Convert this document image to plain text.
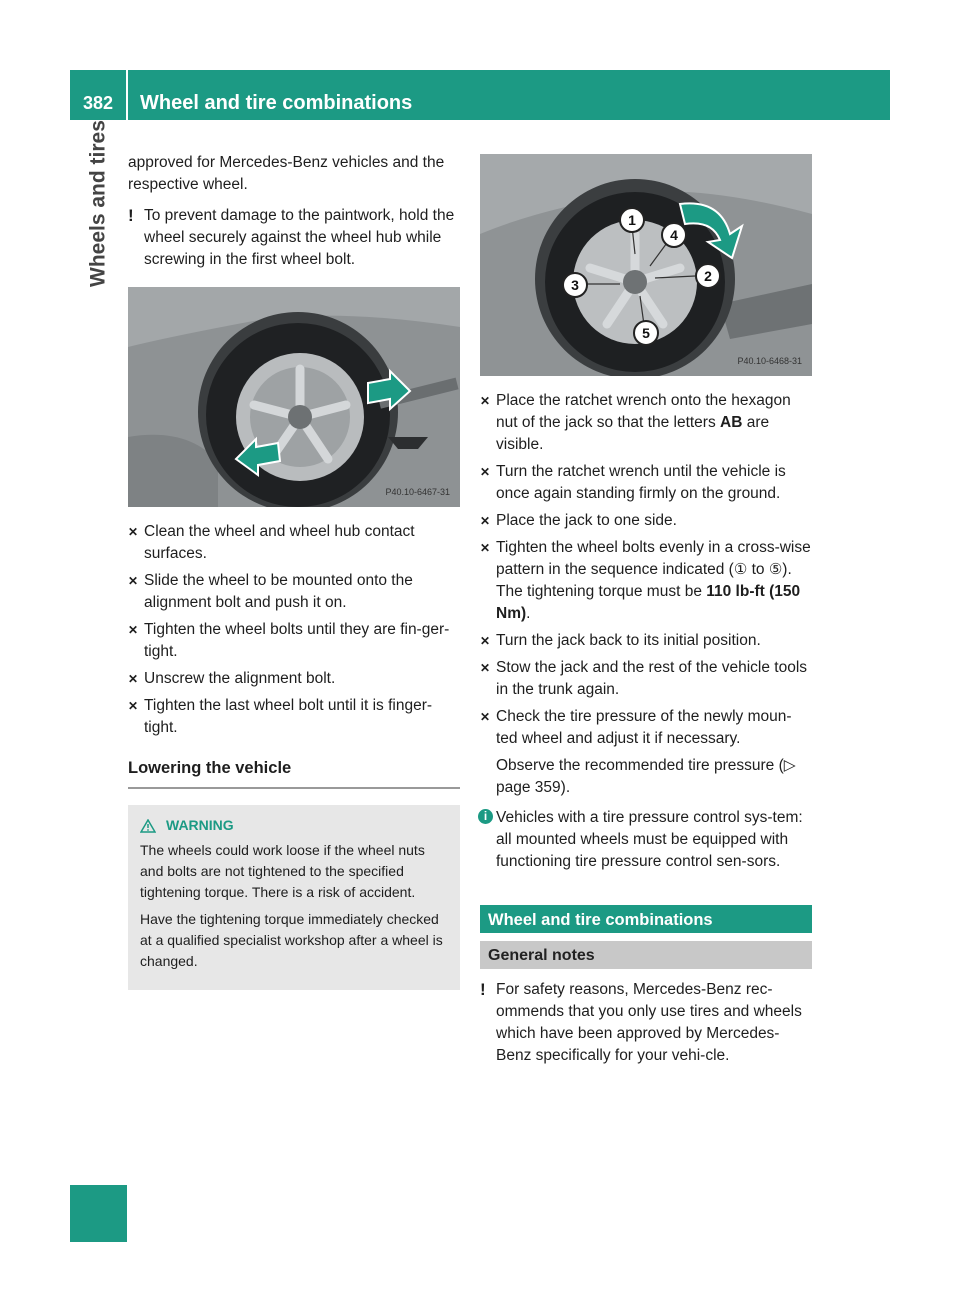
382	Wheel and tire combinations
Wheels and tires	approved for Mercedes-Benz vehicles and the respective wheel.

! To prevent damage to the paintwork, hold the wheel securely against the wheel hub while screwing in the first wheel bolt.
P40.10-6467-31
✕ Clean the wheel and wheel hub contact surfaces.
✕ Slide the wheel to be mounted onto the alignment bolt and push it on.
✕ Tighten the wheel bolts until they are fin-ger-tight.
✕ Unscrew the alignment bolt.
✕ Tighten the last wheel bolt until it is finger-tight.
Lowering the vehicle
WARNING

The wheels could work loose if the wheel nuts and bolts are not tightened to the specified tightening torque. There is a risk of accident.

Have the tightening torque immediately checked at a qualified specialist workshop after a wheel is changed.

1
2
3
4
5
P40.10-6468-31
✕ Place the ratchet wrench onto the hexagon nut of the jack so that the letters AB are visible.
✕ Turn the ratchet wrench until the vehicle is once again standing firmly on the ground.
✕ Place the jack to one side.
✕ Tighten the wheel bolts evenly in a cross-wise pattern in the sequence indicated (① to ⑤). The tightening torque must be 110 lb-ft (150 Nm).
✕ Turn the jack back to its initial position.
✕ Stow the jack and the rest of the vehicle tools in the trunk again.
✕ Check the tire pressure of the newly moun-ted wheel and adjust it if necessary.
Observe the recommended tire pressure (▷ page 359).
i Vehicles with a tire pressure control sys-tem: all mounted wheels must be equipped with functioning tire pressure control sen-sors.
Wheel and tire combinations
General notes
! For safety reasons, Mercedes-Benz rec-ommends that you only use tires and wheels which have been approved by Mercedes-Benz specifically for your vehi-cle.
